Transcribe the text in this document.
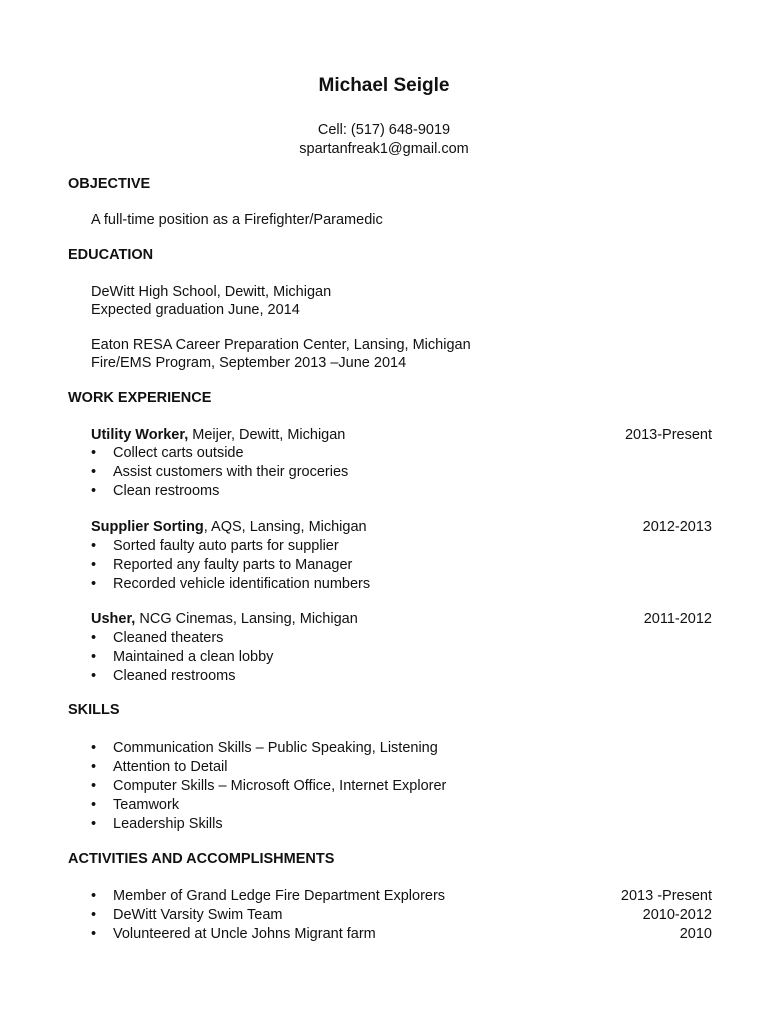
Michael Seigle
Cell: (517) 648-9019
spartanfreak1@gmail.com
OBJECTIVE
A full-time position as a Firefighter/Paramedic
EDUCATION
DeWitt High School, Dewitt, Michigan
Expected graduation June, 2014
Eaton RESA Career Preparation Center, Lansing, Michigan
Fire/EMS Program, September 2013 –June 2014
WORK EXPERIENCE
Utility Worker, Meijer, Dewitt, Michigan	2013-Present
• Collect carts outside
• Assist customers with their groceries
• Clean restrooms
Supplier Sorting, AQS, Lansing, Michigan	2012-2013
• Sorted faulty auto parts for supplier
• Reported any faulty parts to Manager
• Recorded vehicle identification numbers
Usher, NCG Cinemas, Lansing, Michigan	2011-2012
• Cleaned theaters
• Maintained a clean lobby
• Cleaned restrooms
SKILLS
• Communication Skills – Public Speaking, Listening
• Attention to Detail
• Computer Skills – Microsoft Office, Internet Explorer
• Teamwork
• Leadership Skills
ACTIVITIES AND ACCOMPLISHMENTS
• Member of Grand Ledge Fire Department Explorers	2013 -Present
• DeWitt Varsity Swim Team	2010-2012
• Volunteered at Uncle Johns Migrant farm	2010
